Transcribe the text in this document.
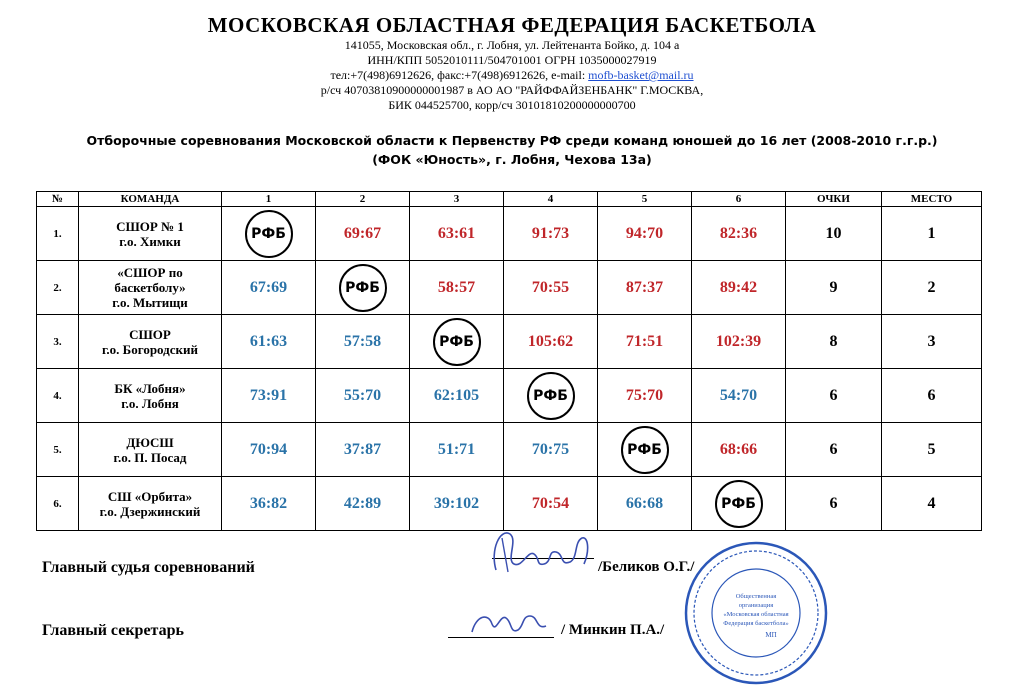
МОСКОВСКАЯ ОБЛАСТНАЯ ФЕДЕРАЦИЯ БАСКЕТБОЛА
141055, Московская обл., г. Лобня, ул. Лейтенанта Бойко, д. 104 а
ИНН/КПП 5052010111/504701001 ОГРН 1035000027919
тел:+7(498)6912626, факс:+7(498)6912626, e-mail: mofb-basket@mail.ru
р/сч 40703810900000001987 в АО АО "РАЙФФАЙЗЕНБАНК" Г.МОСКВА,
БИК 044525700, корр/сч 30101810200000000700
Отборочные соревнования Московской области к Первенству РФ среди команд юношей до 16 лет (2008-2010 г.г.р.)
(ФОК «Юность», г. Лобня, Чехова 13а)
№	КОМАНДА	1	2	3	4	5	6	ОЧКИ	МЕСТО
1.	СШОР № 1
г.о. Химки	РФБ	69:67	63:61	91:73	94:70	82:36	10	1
2.	«СШОР по
баскетболу»
г.о. Мытищи	67:69	РФБ	58:57	70:55	87:37	89:42	9	2
3.	СШОР
г.о. Богородский	61:63	57:58	РФБ	105:62	71:51	102:39	8	3
4.	БК «Лобня»
г.о. Лобня	73:91	55:70	62:105	РФБ	75:70	54:70	6	6
5.	ДЮСШ
г.о. П. Посад	70:94	37:87	51:71	70:75	РФБ	68:66	6	5
6.	СШ «Орбита»
г.о. Дзержинский	36:82	42:89	39:102	70:54	66:68	РФБ	6	4
Главный судья соревнований	/Беликов О.Г./
Главный секретарь	/ Минкин П.А./
Общественная
организация
«Московская областная
Федерация баскетбола»
МП
